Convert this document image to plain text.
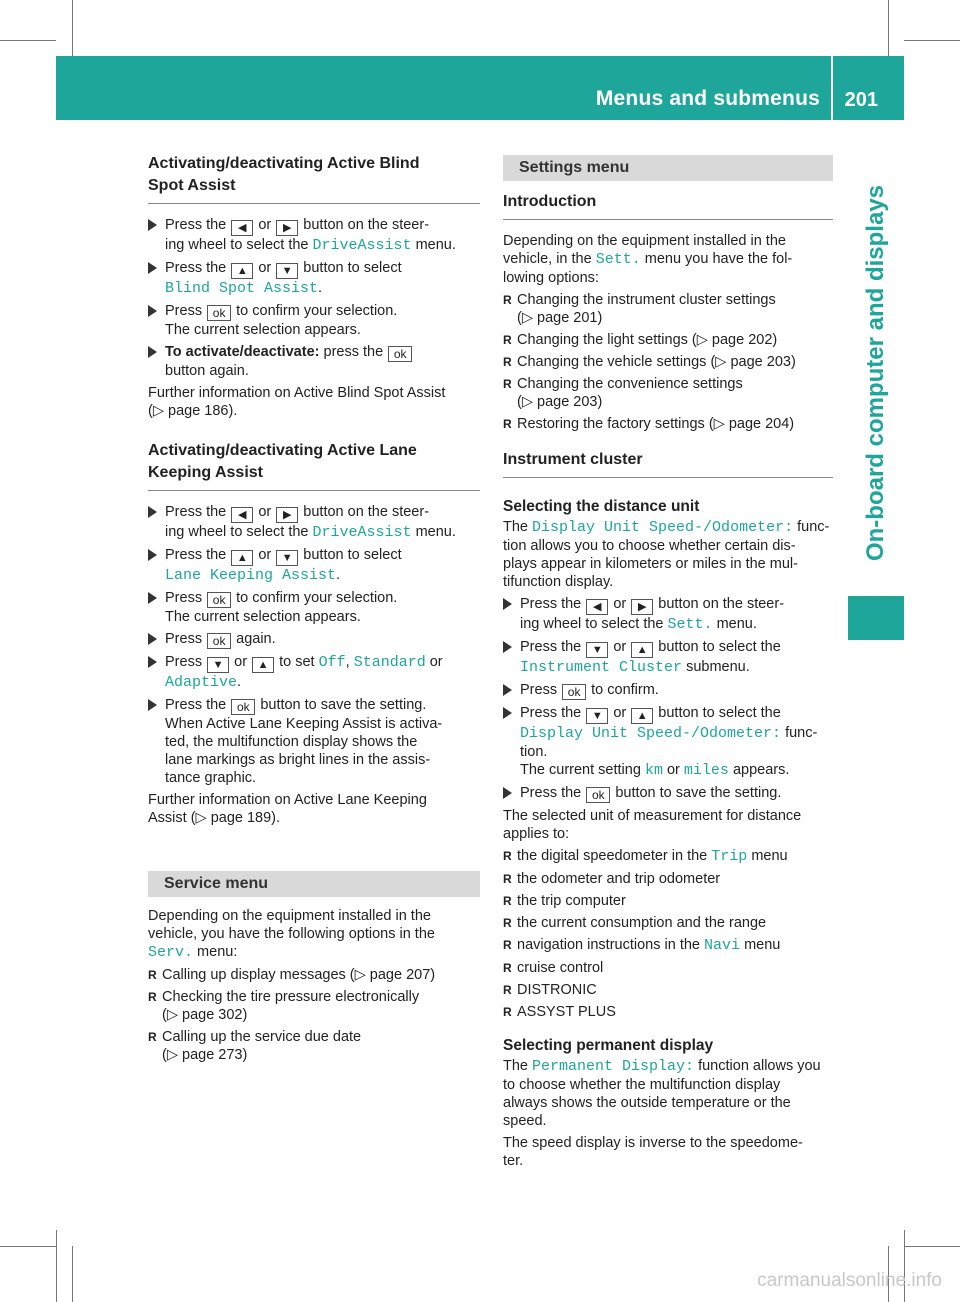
Menus and submenus 201
On-board computer and displays
Activating/deactivating Active Blind
Spot Assist
Press the ◀ or ▶ button on the steer-
ing wheel to select the DriveAssist menu.
Press the ▲ or ▼ button to select
Blind Spot Assist.
Press ok to confirm your selection.
The current selection appears.
To activate/deactivate: press the ok
button again.

Further information on Active Blind Spot Assist
(▷ page 186).

Activating/deactivating Active Lane
Keeping Assist
Press the ◀ or ▶ button on the steer-
ing wheel to select the DriveAssist menu.
Press the ▲ or ▼ button to select
Lane Keeping Assist.
Press ok to confirm your selection.
The current selection appears.
Press ok again.
Press ▼ or ▲ to set Off, Standard or
Adaptive.
Press the ok button to save the setting.
When Active Lane Keeping Assist is activa-
ted, the multifunction display shows the
lane markings as bright lines in the assis-
tance graphic.

Further information on Active Lane Keeping
Assist (▷ page 189).

Service menu

Depending on the equipment installed in the
vehicle, you have the following options in the
Serv. menu:

R Calling up display messages (▷ page 207)
R Checking the tire pressure electronically
(▷ page 302)
R Calling up the service due date
(▷ page 273)
Settings menu
Introduction

Depending on the equipment installed in the
vehicle, in the Sett. menu you have the fol-
lowing options:

R Changing the instrument cluster settings
(▷ page 201)
R Changing the light settings (▷ page 202)
R Changing the vehicle settings (▷ page 203)
R Changing the convenience settings
(▷ page 203)
R Restoring the factory settings (▷ page 204)
Instrument cluster
Selecting the distance unit

The Display Unit Speed-/Odometer: func-
tion allows you to choose whether certain dis-
plays appear in kilometers or miles in the mul-
tifunction display.

Press the ◀ or ▶ button on the steer-
ing wheel to select the Sett. menu.
Press the ▼ or ▲ button to select the
Instrument Cluster submenu.
Press ok to confirm.
Press the ▼ or ▲ button to select the
Display Unit Speed-/Odometer: func-
tion.
The current setting km or miles appears.
Press the ok button to save the setting.

The selected unit of measurement for distance
applies to:

R the digital speedometer in the Trip menu
R the odometer and trip odometer
R the trip computer
R the current consumption and the range
R navigation instructions in the Navi menu
R cruise control
R DISTRONIC
R ASSYST PLUS
Selecting permanent display

The Permanent Display: function allows you
to choose whether the multifunction display
always shows the outside temperature or the
speed.

The speed display is inverse to the speedome-
ter.

carmanualsonline.info
